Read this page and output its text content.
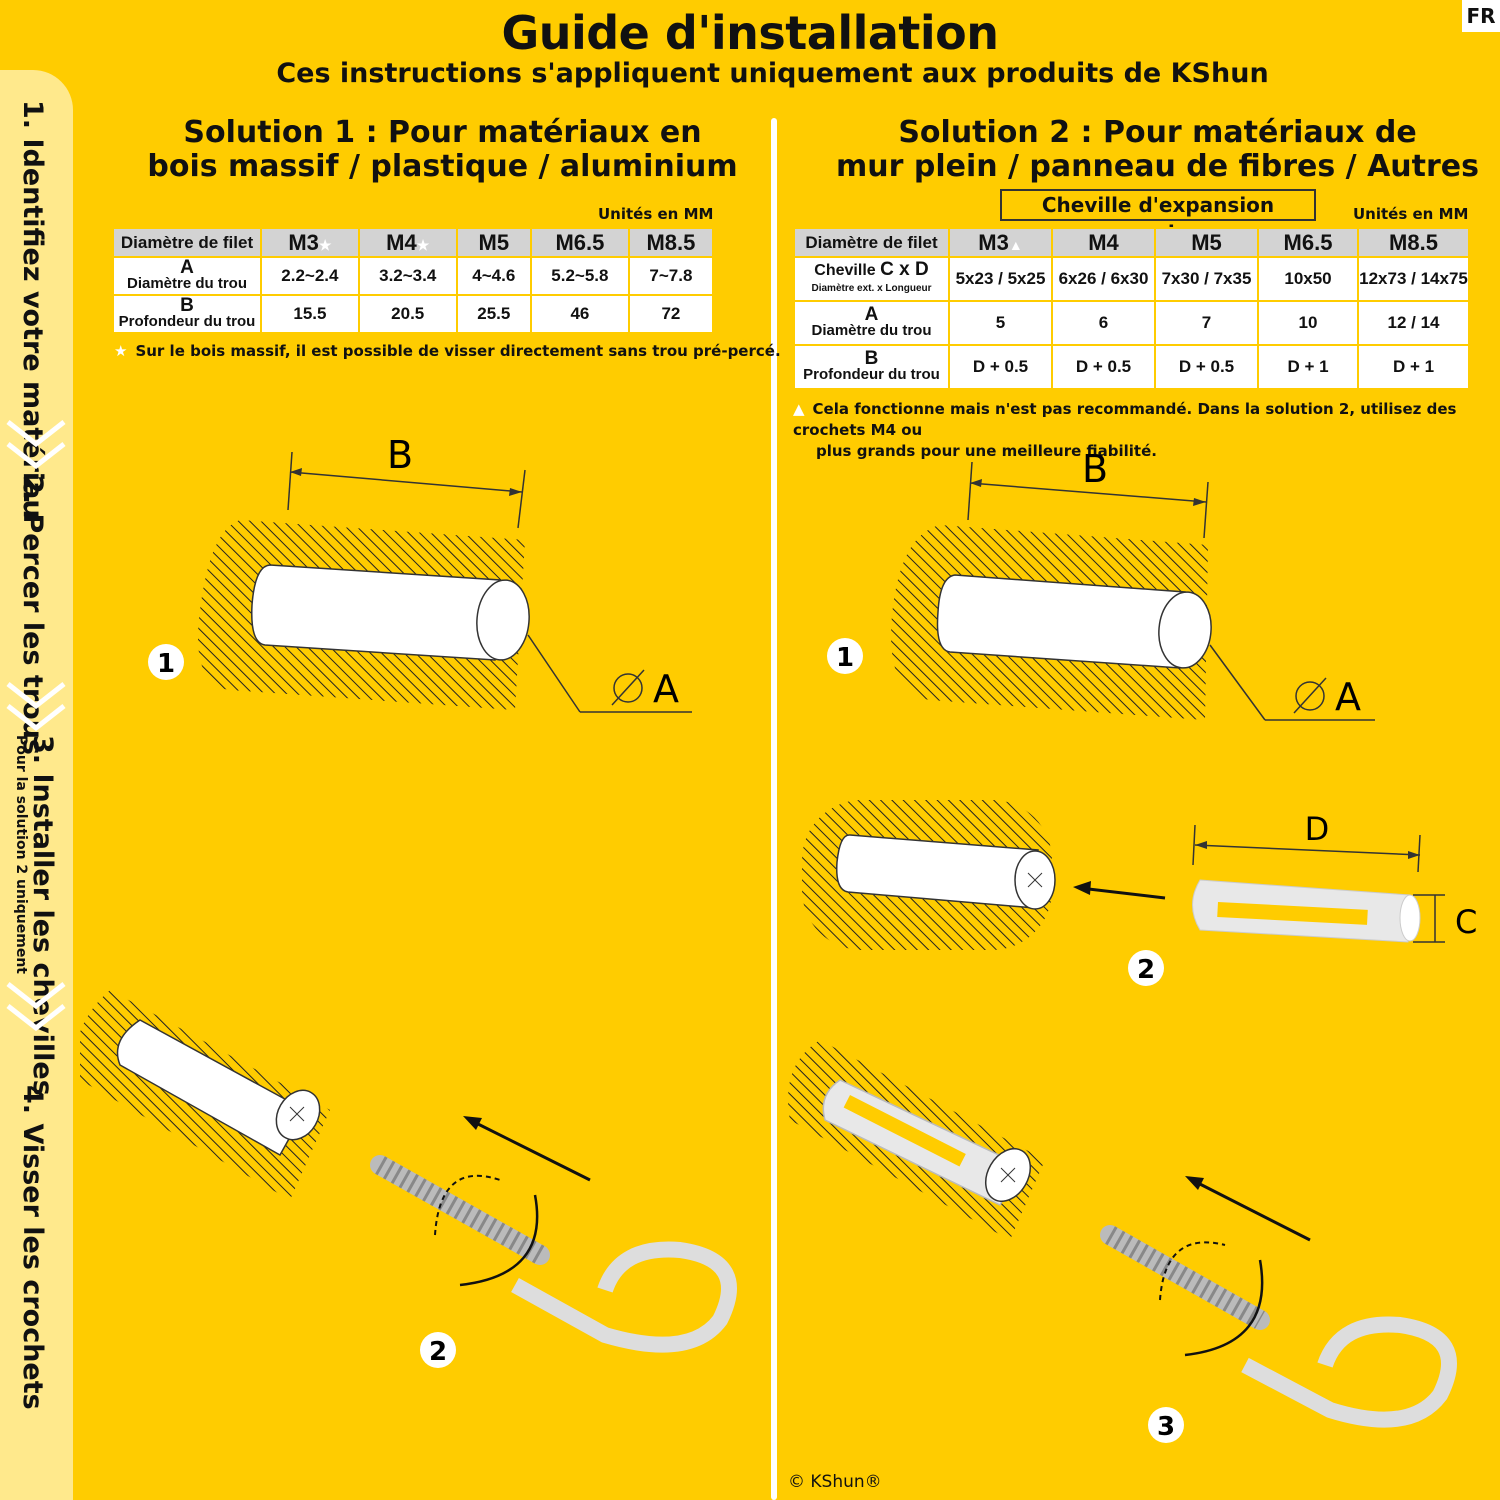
Guide d'installation
Ces instructions s'appliquent uniquement aux produits de KShun
FR
1. Identifiez votre matériau
2. Percer les trous
3. Installer les chevilles
Pour la solution 2 uniquement
4. Visser les crochets
Solution 1 : Pour matériaux en
bois massif / plastique / aluminium
Unités en MM
Diamètre de filet	M3★	M4★	M5	M6.5	M8.5

A
Diamètre du trou	2.2~2.4	3.2~3.4	4~4.6	5.2~5.8	7~7.8

B
Profondeur du trou	15.5	20.5	25.5	46	72
★ Sur le bois massif, il est possible de visser directement sans trou pré-percé.
B
A
1
2
Solution 2 : Pour matériaux de
mur plein / panneau de fibres / Autres
Cheville d'expansion	Unités en MM
Diamètre de filet	M3▲	M4	M5	M6.5	M8.5
Cheville C x D
Diamètre ext. x Longueur	5x23 / 5x25	6x26 / 6x30	7x30 / 7x35	10x50	12x73 / 14x75

A
Diamètre du trou	5	6	7	10	12 / 14

B
Profondeur du trou	D + 0.5	D + 0.5	D + 0.5	D + 1	D + 1
▲ Cela fonctionne mais n'est pas recommandé. Dans la solution 2, utilisez des crochets M4 ou
plus grands pour une meilleure fiabilité.
B
A
1
D
C
2
3
© KShun®
